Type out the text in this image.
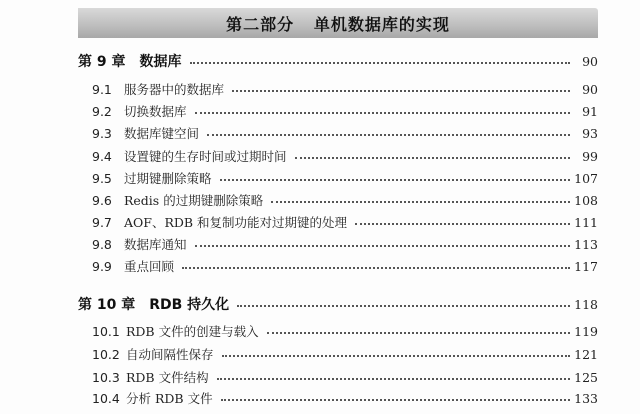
第二部分   单机数据库的实现
第 9 章	数据库	90
9.1 服务器中的数据库	90
9.2 切换数据库	91
9.3 数据库键空间	93
9.4 设置键的生存时间或过期时间	99
9.5 过期键删除策略	107
9.6 Redis 的过期键删除策略	108
9.7 AOF、RDB 和复制功能对过期键的处理	111
9.8 数据库通知	113
9.9 重点回顾	117
第 10 章	RDB 持久化	118
10.1 RDB 文件的创建与载入	119
10.2 自动间隔性保存	121
10.3 RDB 文件结构	125
10.4 分析 RDB 文件	133
